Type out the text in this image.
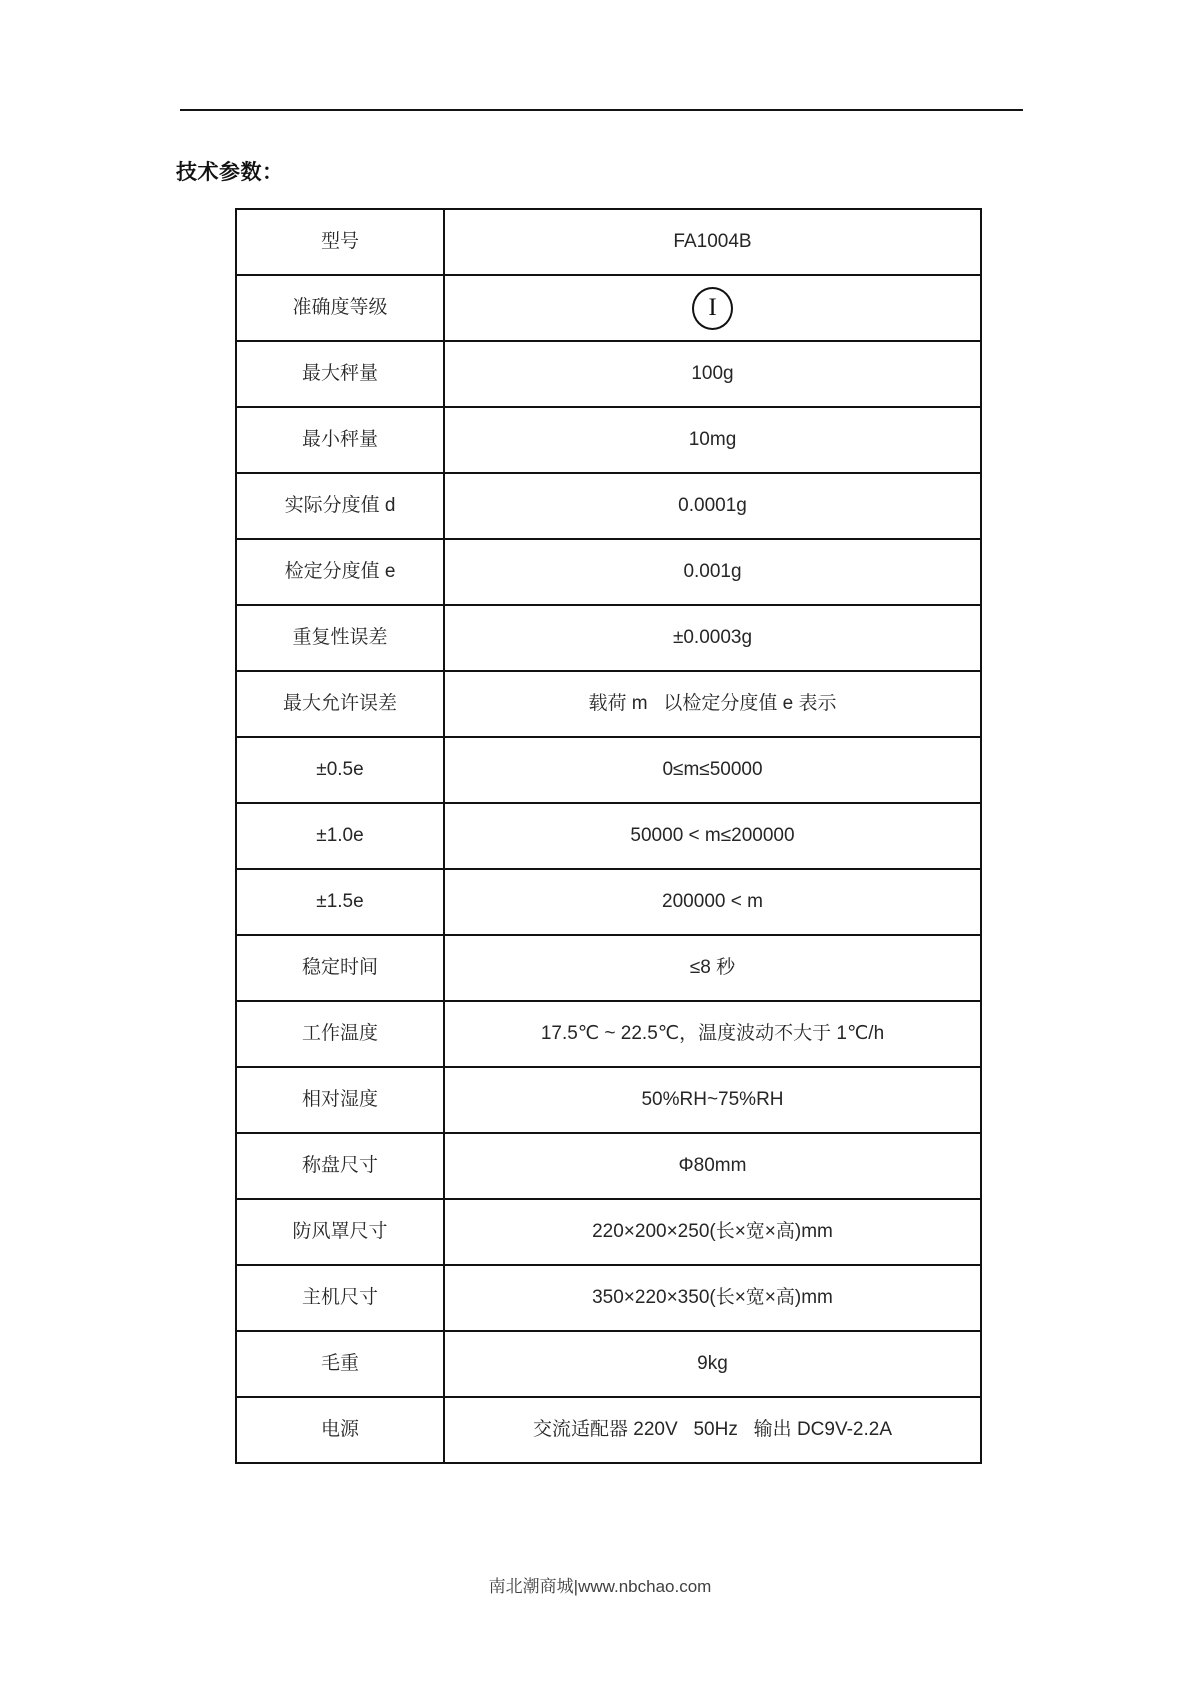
技术参数：
型号	FA1004B
准确度等级	I
最大秤量	100g
最小秤量	10mg
实际分度值 d	0.0001g
检定分度值 e	0.001g
重复性误差	±0.0003g
最大允许误差	载荷 m   以检定分度值 e 表示
±0.5e	0≤m≤50000
±1.0e	50000 < m≤200000
±1.5e	200000 < m
稳定时间	≤8 秒
工作温度	17.5℃ ~ 22.5℃，温度波动不大于 1℃/h
相对湿度	50%RH~75%RH
称盘尺寸	Φ80mm
防风罩尺寸	220×200×250(长×宽×高)mm
主机尺寸	350×220×350(长×宽×高)mm
毛重	9kg
电源	交流适配器 220V   50Hz   输出 DC9V-2.2A
南北潮商城|www.nbchao.com
